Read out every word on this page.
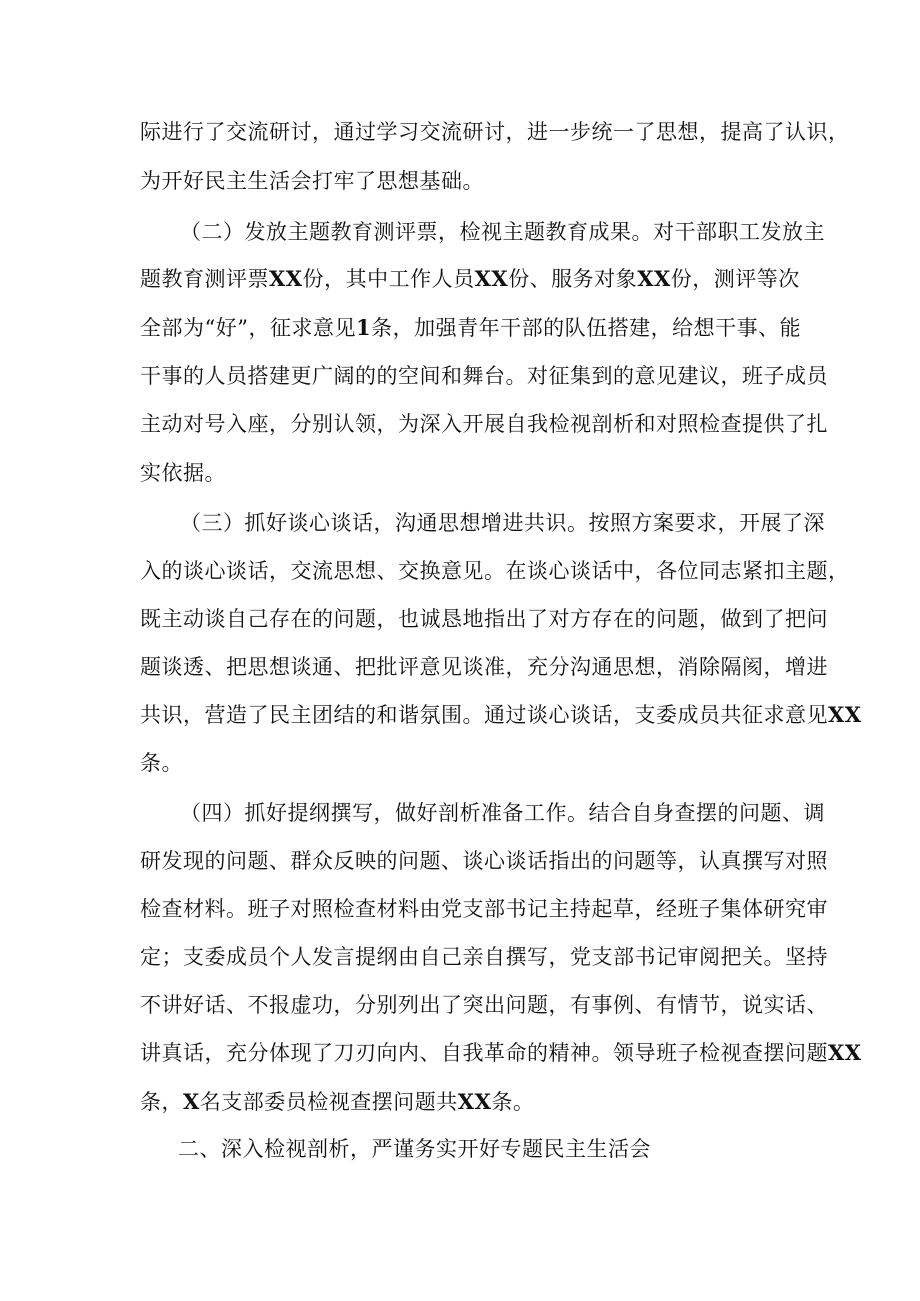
际进行了交流研讨，通过学习交流研讨，进一步统一了思想，提高了认识，
为开好民主生活会打牢了思想基础。
（二）发放主题教育测评票，检视主题教育成果。对干部职工发放主
题教育测评票XX份，其中工作人员XX份、服务对象XX份，测评等次
全部为“好”，征求意见1条，加强青年干部的队伍搭建，给想干事、能
干事的人员搭建更广阔的的空间和舞台。对征集到的意见建议，班子成员
主动对号入座，分别认领，为深入开展自我检视剖析和对照检查提供了扎
实依据。
（三）抓好谈心谈话，沟通思想增进共识。按照方案要求，开展了深
入的谈心谈话，交流思想、交换意见。在谈心谈话中，各位同志紧扣主题，
既主动谈自己存在的问题，也诚恳地指出了对方存在的问题，做到了把问
题谈透、把思想谈通、把批评意见谈准，充分沟通思想，消除隔阂，增进
共识，营造了民主团结的和谐氛围。通过谈心谈话，支委成员共征求意见XX
条。
（四）抓好提纲撰写，做好剖析准备工作。结合自身查摆的问题、调
研发现的问题、群众反映的问题、谈心谈话指出的问题等，认真撰写对照
检查材料。班子对照检查材料由党支部书记主持起草，经班子集体研究审
定；支委成员个人发言提纲由自己亲自撰写，党支部书记审阅把关。坚持
不讲好话、不报虚功，分别列出了突出问题，有事例、有情节，说实话、
讲真话，充分体现了刀刃向内、自我革命的精神。领导班子检视查摆问题XX
条，X名支部委员检视查摆问题共XX条。
二、深入检视剖析，严谨务实开好专题民主生活会
